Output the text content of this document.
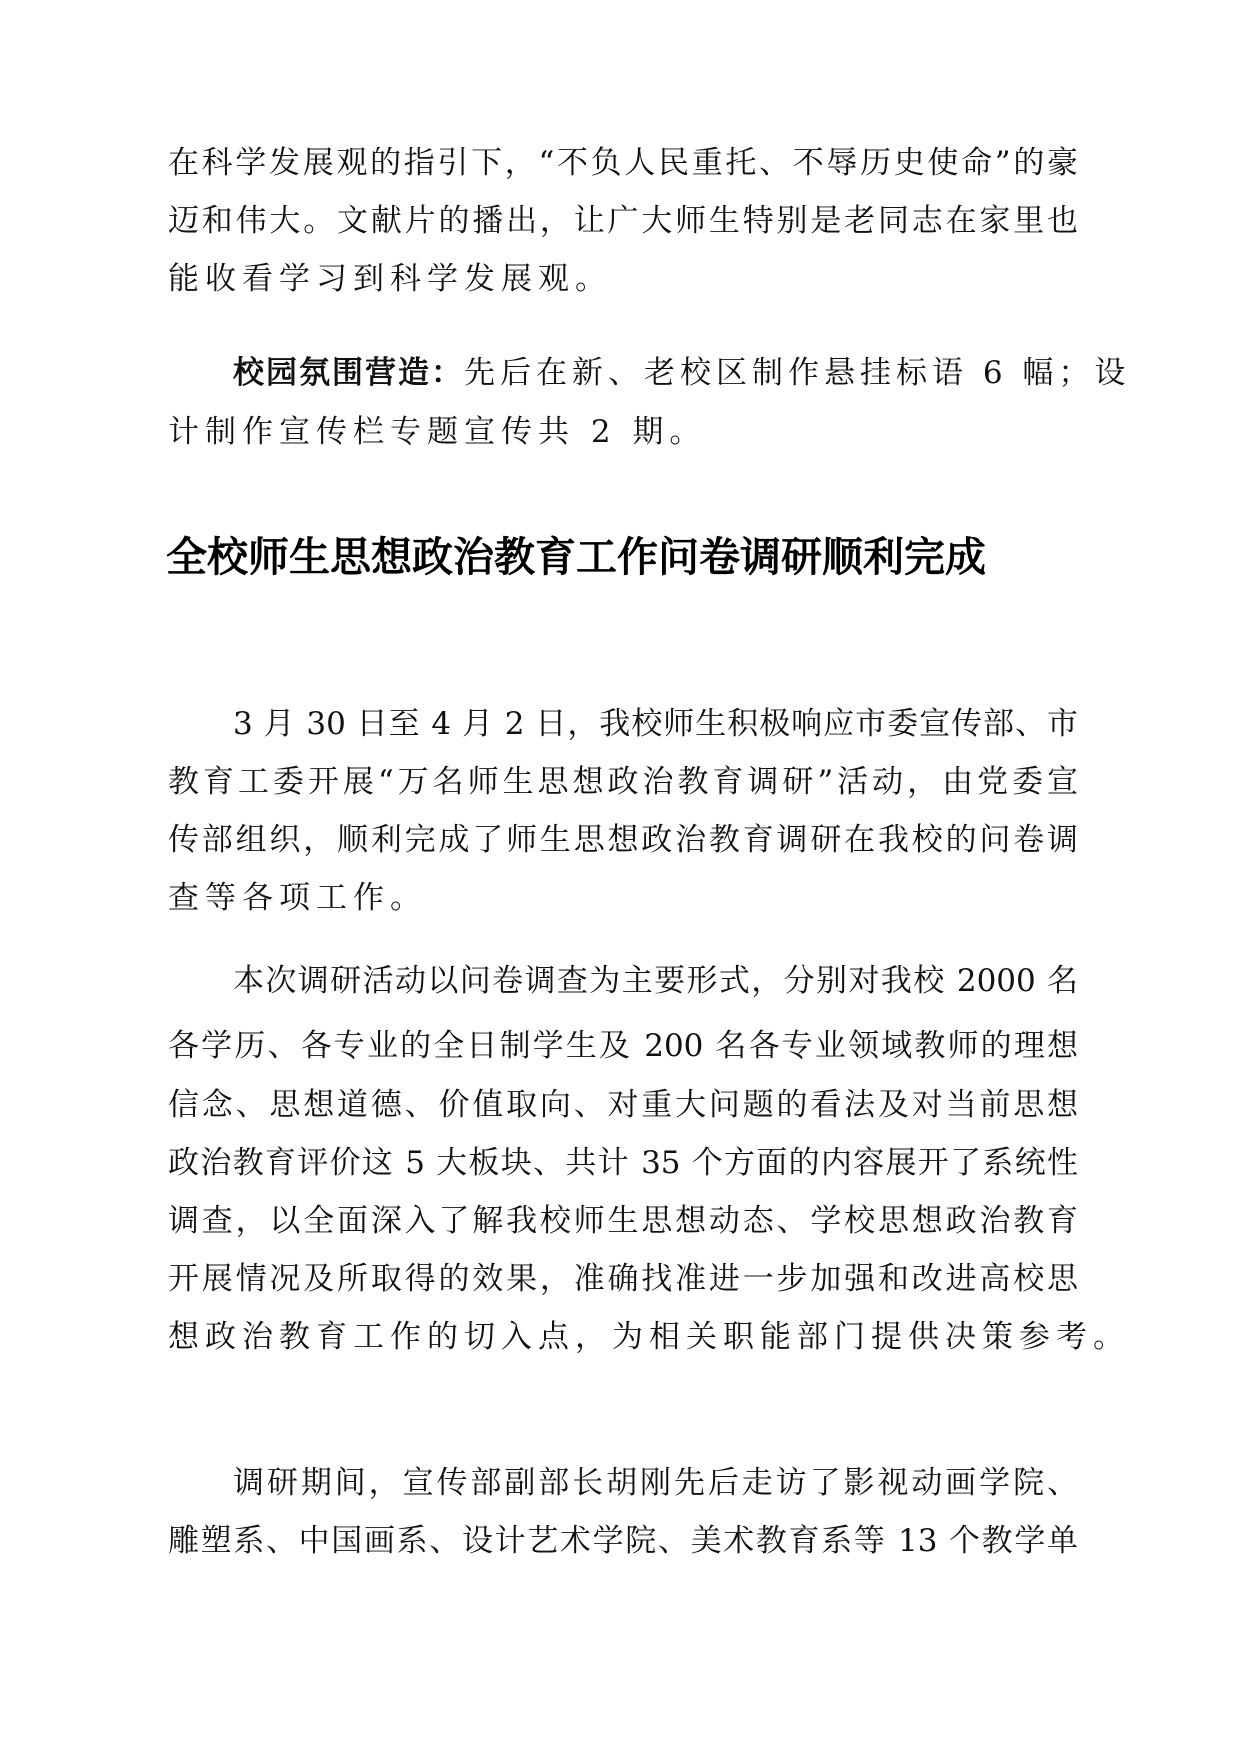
在科学发展观的指引下，“不负人民重托、不辱历史使命”的豪
迈和伟大。文献片的播出，让广大师生特别是老同志在家里也
能收看学习到科学发展观。
校园氛围营造：先后在新、老校区制作悬挂标语 6 幅；设
计制作宣传栏专题宣传共 2 期。
全校师生思想政治教育工作问卷调研顺利完成
3 月 30 日至 4 月 2 日，我校师生积极响应市委宣传部、市
教育工委开展“万名师生思想政治教育调研”活动，由党委宣
传部组织，顺利完成了师生思想政治教育调研在我校的问卷调
查等各项工作。
本次调研活动以问卷调查为主要形式，分别对我校 2000 名
各学历、各专业的全日制学生及 200 名各专业领域教师的理想
信念、思想道德、价值取向、对重大问题的看法及对当前思想
政治教育评价这 5 大板块、共计 35 个方面的内容展开了系统性
调查，以全面深入了解我校师生思想动态、学校思想政治教育
开展情况及所取得的效果，准确找准进一步加强和改进高校思
想政治教育工作的切入点，为相关职能部门提供决策参考。
调研期间，宣传部副部长胡刚先后走访了影视动画学院、
雕塑系、中国画系、设计艺术学院、美术教育系等 13 个教学单
